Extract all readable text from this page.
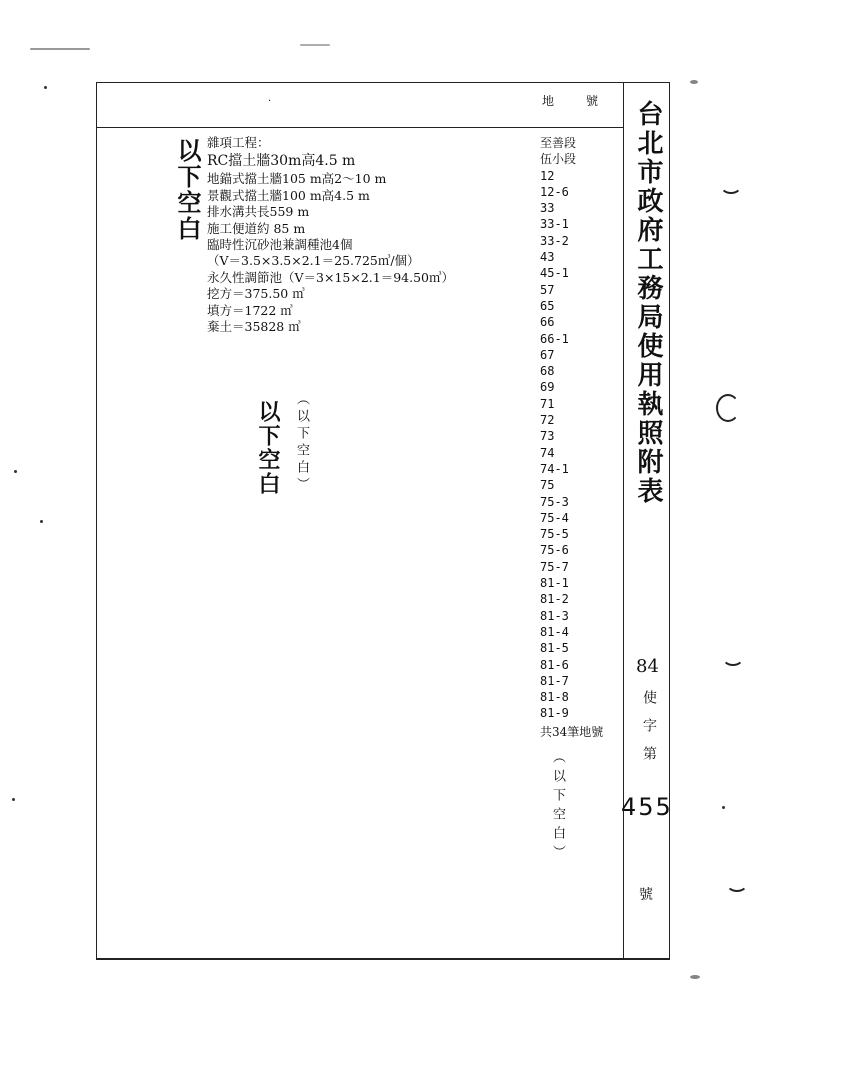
·	地號
雜項工程：
RC擋土牆30m高4.5 m
地錨式擋土牆105 m高2～10 m
景觀式擋土牆100 m高4.5 m
排水溝共長559 m
施工便道約 85 m
臨時性沉砂池兼調種池4個
（V＝3.5×3.5×2.1＝25.725㎥/個）
永久性調節池（V＝3×15×2.1＝94.50㎥）
挖方＝375.50 ㎥
填方＝1722 ㎥
棄土＝35828 ㎥
至善段
伍小段
12
12-6
33
33-1
33-2
43
45-1
57
65
66
66-1
67
68
69
71
72
73
74
74-1
75
75-3
75-4
75-5
75-6
75-7
81-1
81-2
81-3
81-4
81-5
81-6
81-7
81-8
81-9
共34筆地號
以下空白
以下空白 （以下空白）
（以下空白）
台北市政府工務局使用執照附表
84
使字第
455
號
